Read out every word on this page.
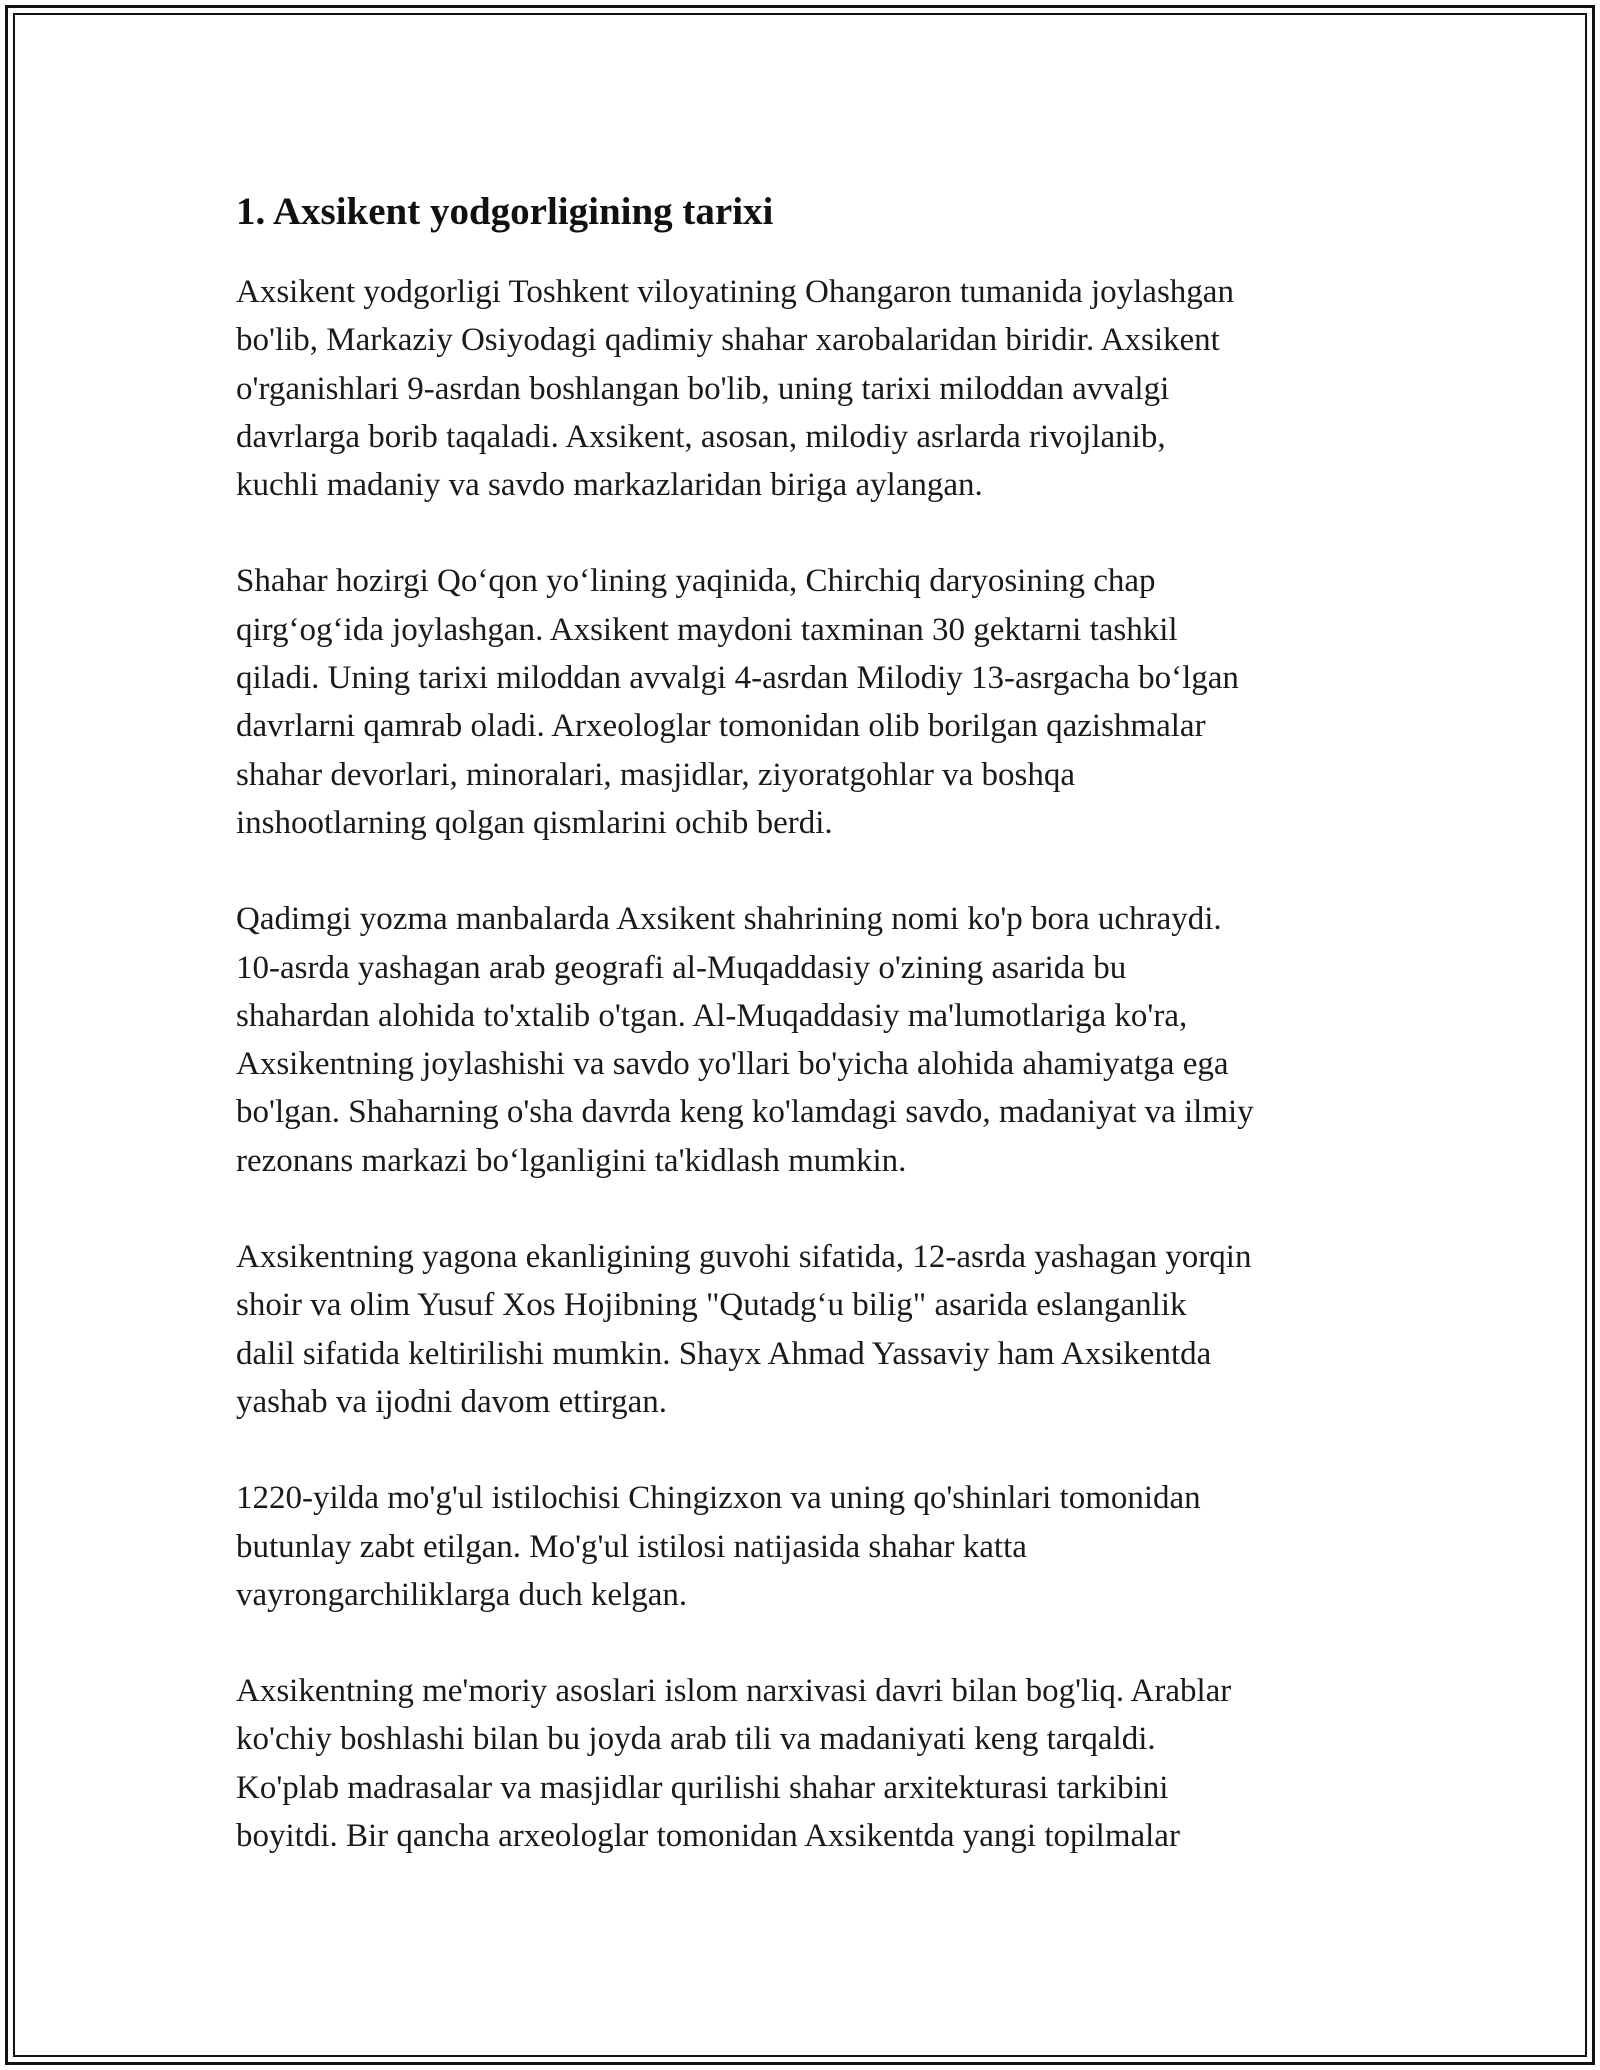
1. Axsikent yodgorligining tarixi

Axsikent yodgorligi Toshkent viloyatining Ohangaron tumanida joylashgan
bo'lib, Markaziy Osiyodagi qadimiy shahar xarobalaridan biridir. Axsikent
o'rganishlari 9-asrdan boshlangan bo'lib, uning tarixi miloddan avvalgi
davrlarga borib taqaladi. Axsikent, asosan, milodiy asrlarda rivojlanib,
kuchli madaniy va savdo markazlaridan biriga aylangan.

Shahar hozirgi Qo‘qon yo‘lining yaqinida, Chirchiq daryosining chap
qirg‘og‘ida joylashgan. Axsikent maydoni taxminan 30 gektarni tashkil
qiladi. Uning tarixi miloddan avvalgi 4-asrdan Milodiy 13-asrgacha bo‘lgan
davrlarni qamrab oladi. Arxeologlar tomonidan olib borilgan qazishmalar
shahar devorlari, minoralari, masjidlar, ziyoratgohlar va boshqa
inshootlarning qolgan qismlarini ochib berdi.

Qadimgi yozma manbalarda Axsikent shahrining nomi ko'p bora uchraydi.
10-asrda yashagan arab geografi al-Muqaddasiy o'zining asarida bu
shahardan alohida to'xtalib o'tgan. Al-Muqaddasiy ma'lumotlariga ko'ra,
Axsikentning joylashishi va savdo yo'llari bo'yicha alohida ahamiyatga ega
bo'lgan. Shaharning o'sha davrda keng ko'lamdagi savdo, madaniyat va ilmiy
rezonans markazi bo‘lganligini ta'kidlash mumkin.

Axsikentning yagona ekanligining guvohi sifatida, 12-asrda yashagan yorqin
shoir va olim Yusuf Xos Hojibning "Qutadg‘u bilig" asarida eslanganlik
dalil sifatida keltirilishi mumkin. Shayx Ahmad Yassaviy ham Axsikentda
yashab va ijodni davom ettirgan.

1220-yilda mo'g'ul istilochisi Chingizxon va uning qo'shinlari tomonidan
butunlay zabt etilgan. Mo'g'ul istilosi natijasida shahar katta
vayrongarchiliklarga duch kelgan.

Axsikentning me'moriy asoslari islom narxivasi davri bilan bog'liq. Arablar
ko'chiy boshlashi bilan bu joyda arab tili va madaniyati keng tarqaldi.
Ko'plab madrasalar va masjidlar qurilishi shahar arxitekturasi tarkibini
boyitdi. Bir qancha arxeologlar tomonidan Axsikentda yangi topilmalar
